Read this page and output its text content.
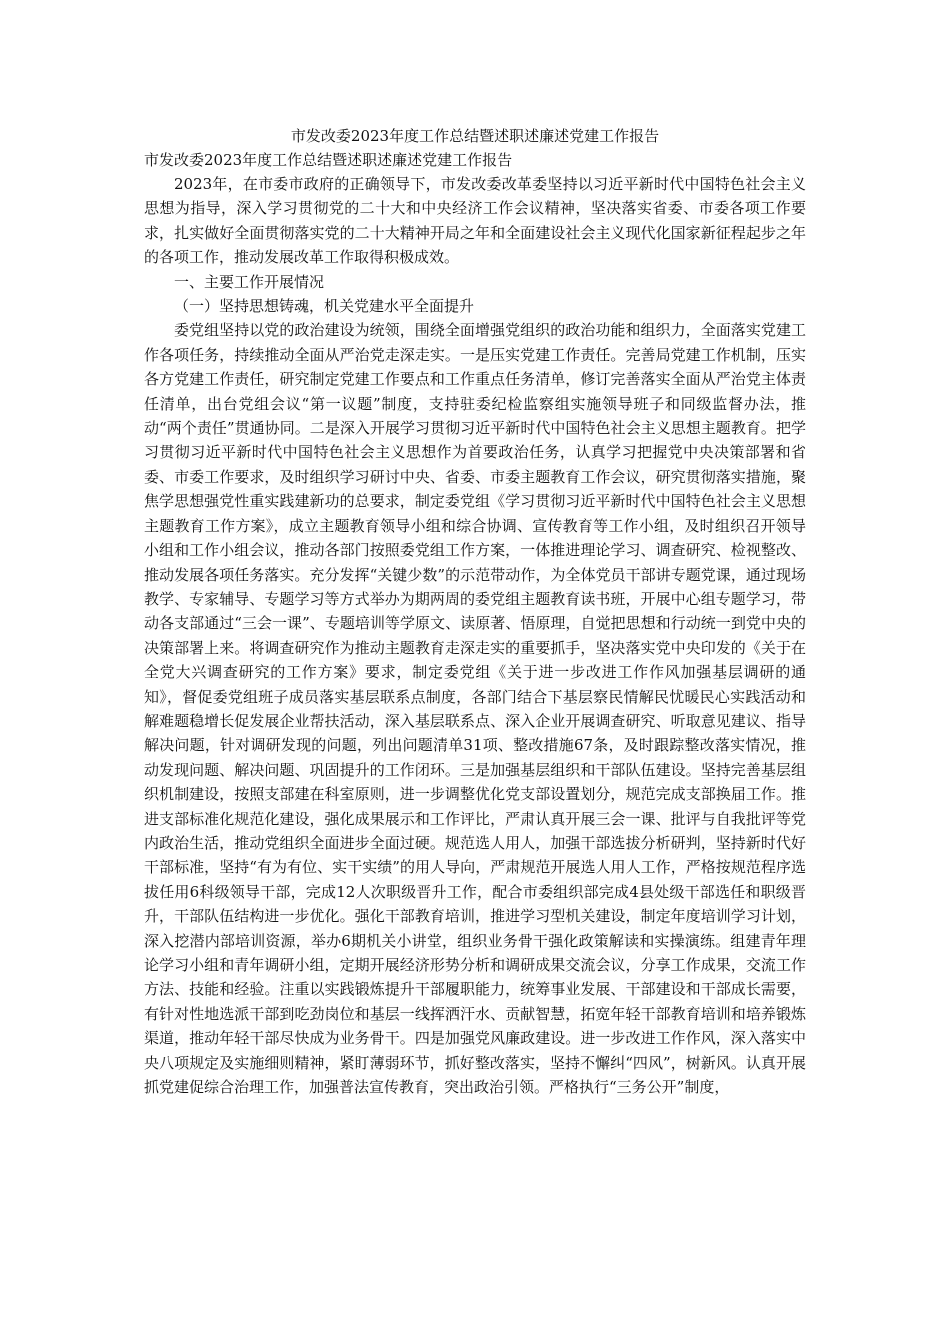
市发改委2023年度工作总结暨述职述廉述党建工作报告

市发改委2023年度工作总结暨述职述廉述党建工作报告

2023年，在市委市政府的正确领导下，市发改委改革委坚持以习近平新时代中国特色社会主义思想为指导，深入学习贯彻党的二十大和中央经济工作会议精神，坚决落实省委、市委各项工作要求，扎实做好全面贯彻落实党的二十大精神开局之年和全面建设社会主义现代化国家新征程起步之年的各项工作，推动发展改革工作取得积极成效。

一、主要工作开展情况

（一）坚持思想铸魂，机关党建水平全面提升

委党组坚持以党的政治建设为统领，围绕全面增强党组织的政治功能和组织力，全面落实党建工作各项任务，持续推动全面从严治党走深走实。一是压实党建工作责任。完善局党建工作机制，压实各方党建工作责任，研究制定党建工作要点和工作重点任务清单，修订完善落实全面从严治党主体责任清单，出台党组会议“第一议题”制度，支持驻委纪检监察组实施领导班子和同级监督办法，推动“两个责任”贯通协同。二是深入开展学习贯彻习近平新时代中国特色社会主义思想主题教育。把学习贯彻习近平新时代中国特色社会主义思想作为首要政治任务，认真学习把握党中央决策部署和省委、市委工作要求，及时组织学习研讨中央、省委、市委主题教育工作会议，研究贯彻落实措施，聚焦学思想强党性重实践建新功的总要求，制定委党组《学习贯彻习近平新时代中国特色社会主义思想主题教育工作方案》，成立主题教育领导小组和综合协调、宣传教育等工作小组，及时组织召开领导小组和工作小组会议，推动各部门按照委党组工作方案，一体推进理论学习、调查研究、检视整改、推动发展各项任务落实。充分发挥“关键少数”的示范带动作，为全体党员干部讲专题党课，通过现场教学、专家辅导、专题学习等方式举办为期两周的委党组主题教育读书班，开展中心组专题学习，带动各支部通过“三会一课”、专题培训等学原文、读原著、悟原理，自觉把思想和行动统一到党中央的决策部署上来。将调查研究作为推动主题教育走深走实的重要抓手，坚决落实党中央印发的《关于在全党大兴调查研究的工作方案》要求，制定委党组《关于进一步改进工作作风加强基层调研的通知》，督促委党组班子成员落实基层联系点制度，各部门结合下基层察民情解民忧暖民心实践活动和解难题稳增长促发展企业帮扶活动，深入基层联系点、深入企业开展调查研究、听取意见建议、指导解决问题，针对调研发现的问题，列出问题清单31项、整改措施67条，及时跟踪整改落实情况，推动发现问题、解决问题、巩固提升的工作闭环。三是加强基层组织和干部队伍建设。坚持完善基层组织机制建设，按照支部建在科室原则，进一步调整优化党支部设置划分，规范完成支部换届工作。推进支部标准化规范化建设，强化成果展示和工作评比，严肃认真开展三会一课、批评与自我批评等党内政治生活，推动党组织全面进步全面过硬。规范选人用人，加强干部选拔分析研判，坚持新时代好干部标准，坚持“有为有位、实干实绩”的用人导向，严肃规范开展选人用人工作，严格按规范程序选拔任用6科级领导干部，完成12人次职级晋升工作，配合市委组织部完成4县处级干部选任和职级晋升，干部队伍结构进一步优化。强化干部教育培训，推进学习型机关建设，制定年度培训学习计划，深入挖潜内部培训资源，举办6期机关小讲堂，组织业务骨干强化政策解读和实操演练。组建青年理论学习小组和青年调研小组，定期开展经济形势分析和调研成果交流会议，分享工作成果，交流工作方法、技能和经验。注重以实践锻炼提升干部履职能力，统筹事业发展、干部建设和干部成长需要，有针对性地选派干部到吃劲岗位和基层一线挥洒汗水、贡献智慧，拓宽年轻干部教育培训和培养锻炼渠道，推动年轻干部尽快成为业务骨干。四是加强党风廉政建设。进一步改进工作作风，深入落实中央八项规定及实施细则精神，紧盯薄弱环节，抓好整改落实，坚持不懈纠“四风”，树新风。认真开展抓党建促综合治理工作，加强普法宣传教育，突出政治引领。严格执行“三务公开”制度，
